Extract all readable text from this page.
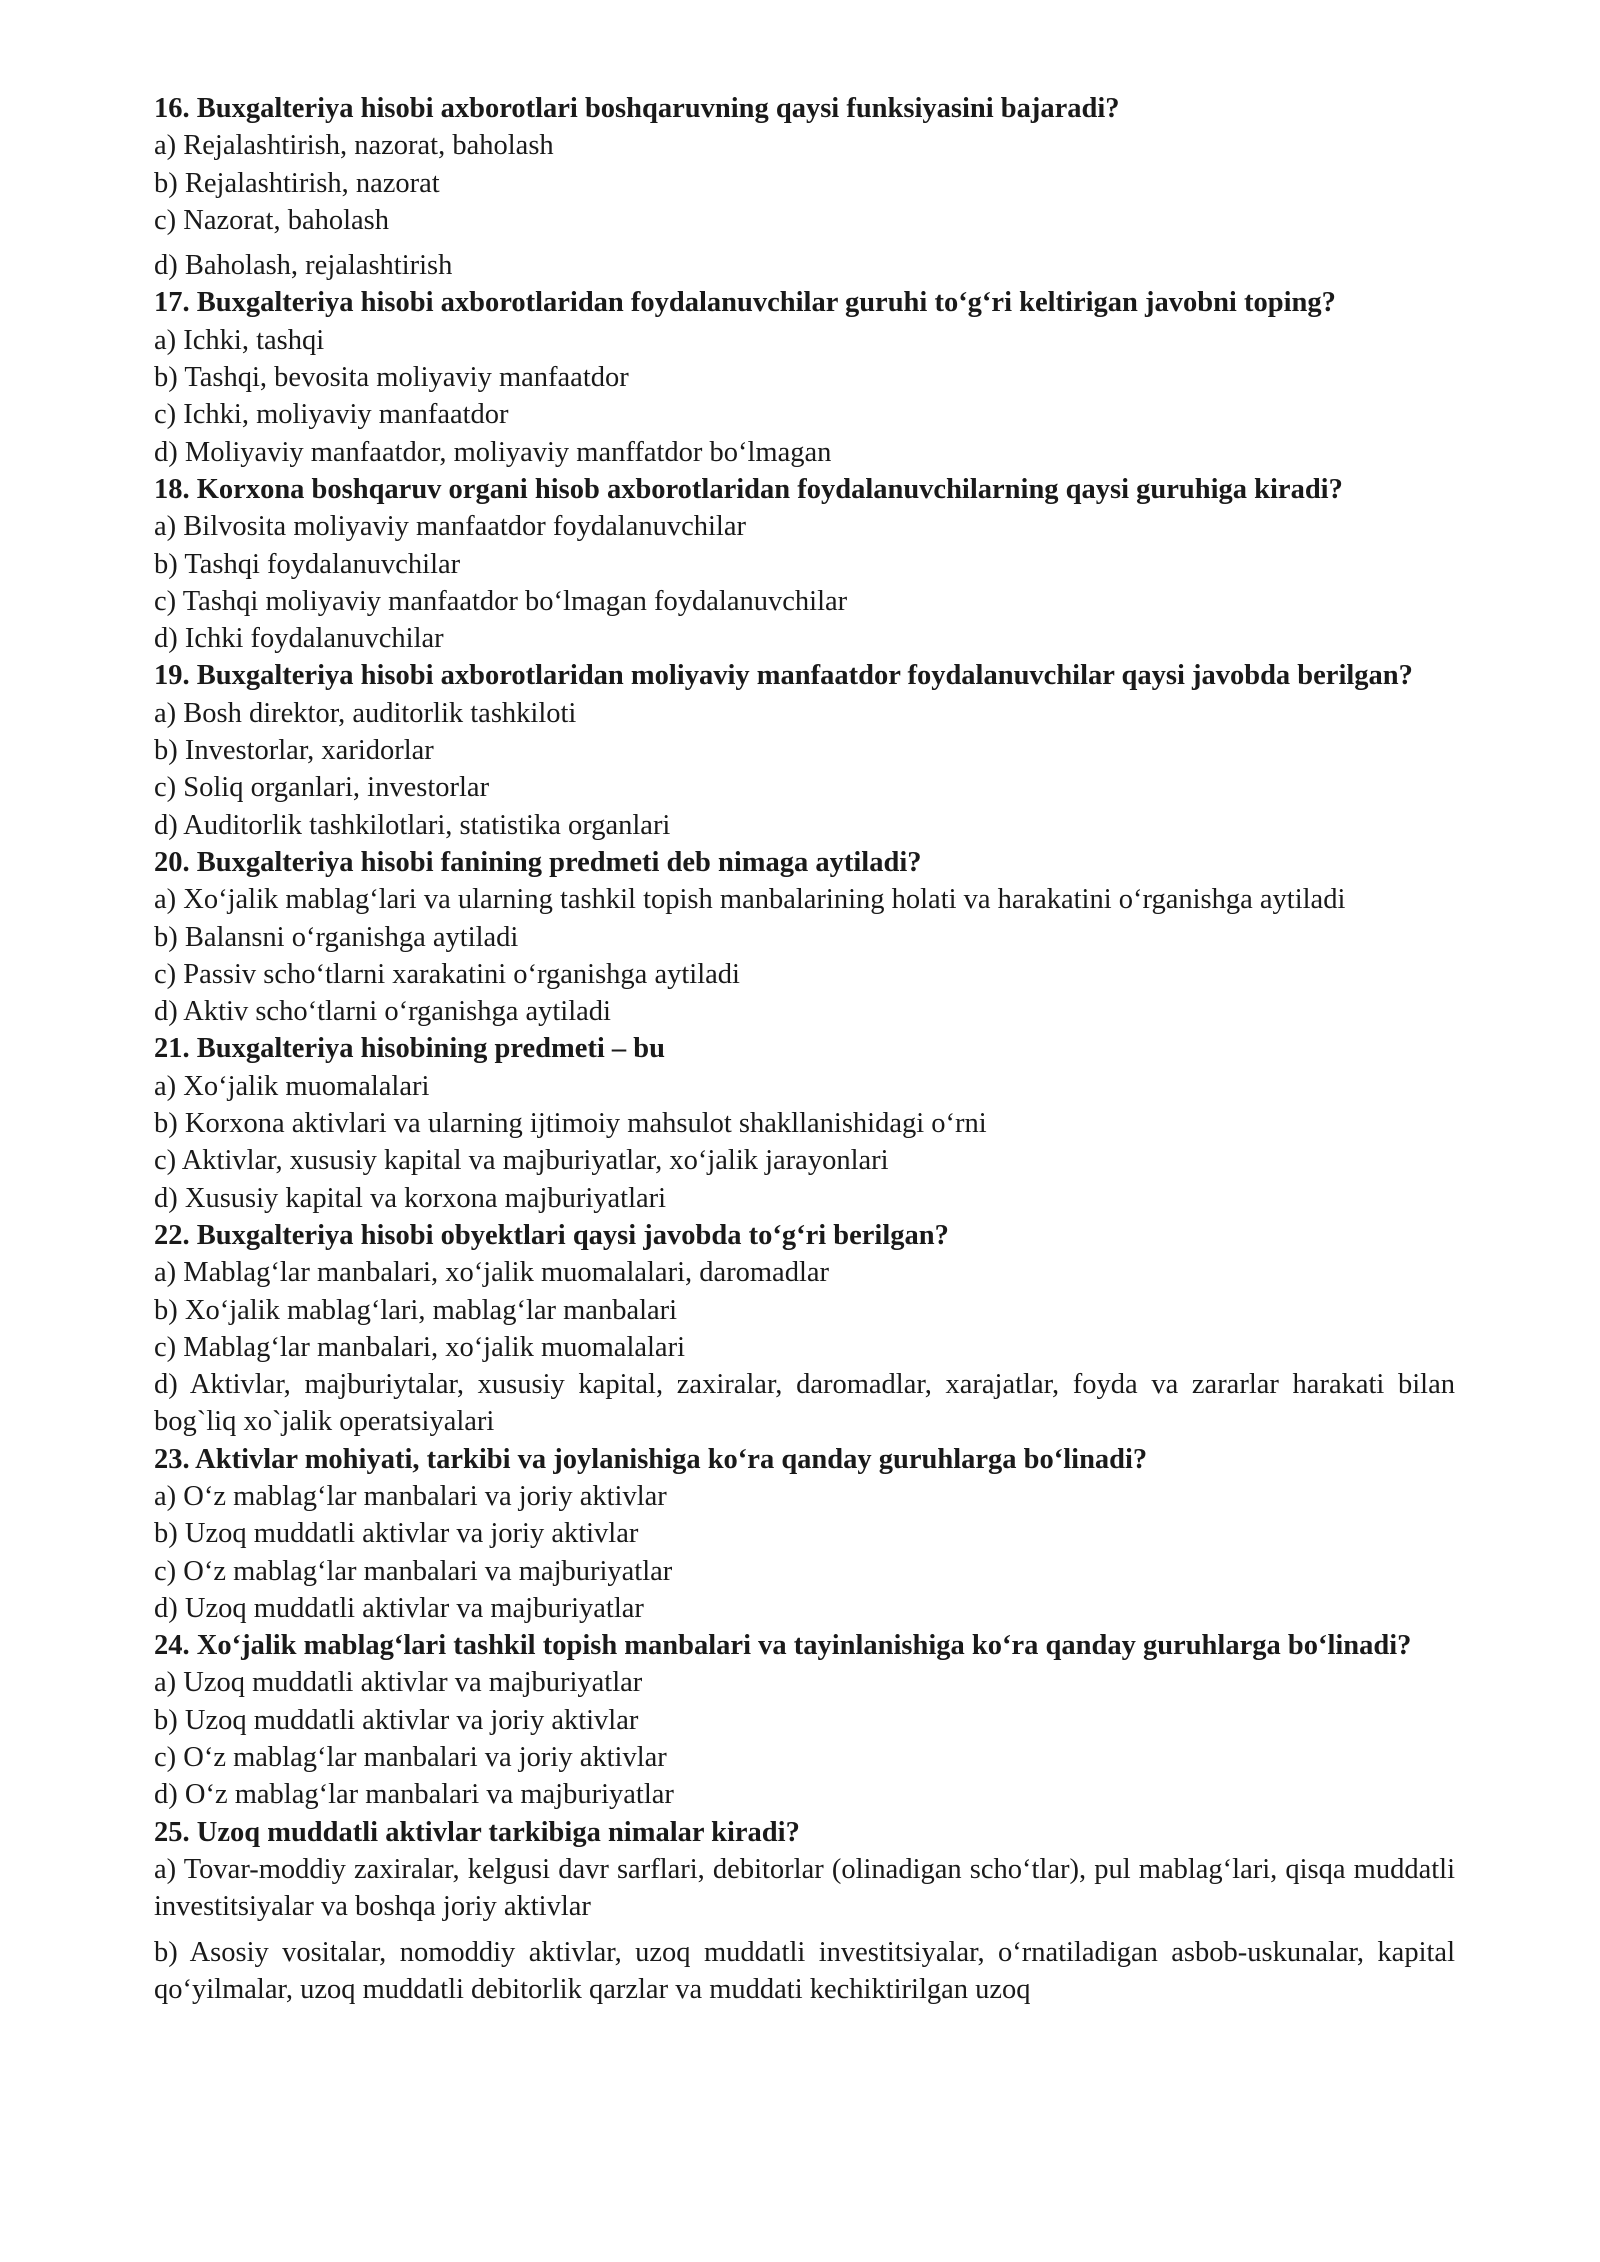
16. Buxgalteriya hisobi axborotlari boshqaruvning qaysi funksiyasini bajaradi?
a) Rejalashtirish, nazorat, baholash
b) Rejalashtirish, nazorat
c) Nazorat, baholash
d) Baholash, rejalashtirish
17. Buxgalteriya hisobi axborotlaridan foydalanuvchilar guruhi to‘g‘ri keltirigan javobni toping?
a) Ichki, tashqi
b) Tashqi, bevosita moliyaviy manfaatdor
c) Ichki, moliyaviy manfaatdor
d) Moliyaviy manfaatdor, moliyaviy manffatdor bo‘lmagan
18. Korxona boshqaruv organi hisob axborotlaridan foydalanuvchilarning qaysi guruhiga kiradi?
a) Bilvosita moliyaviy manfaatdor foydalanuvchilar
b) Tashqi foydalanuvchilar
c) Tashqi moliyaviy manfaatdor bo‘lmagan foydalanuvchilar
d) Ichki foydalanuvchilar
19. Buxgalteriya hisobi axborotlaridan moliyaviy manfaatdor foydalanuvchilar qaysi javobda berilgan?
a) Bosh direktor, auditorlik tashkiloti
b) Investorlar, xaridorlar
c) Soliq organlari, investorlar
d) Auditorlik tashkilotlari, statistika organlari
20. Buxgalteriya hisobi fanining predmeti deb nimaga aytiladi?
a) Xo‘jalik mablag‘lari va ularning tashkil topish manbalarining holati va harakatini o‘rganishga aytiladi
b) Balansni o‘rganishga aytiladi
c) Passiv scho‘tlarni xarakatini o‘rganishga aytiladi
d) Aktiv scho‘tlarni o‘rganishga aytiladi
21. Buxgalteriya hisobining predmeti – bu
a) Xo‘jalik muomalalari
b) Korxona aktivlari va ularning ijtimoiy mahsulot shakllanishidagi o‘rni
c) Aktivlar, xususiy kapital va majburiyatlar, xo‘jalik jarayonlari
d) Xususiy kapital va korxona majburiyatlari
22. Buxgalteriya hisobi obyektlari qaysi javobda to‘g‘ri berilgan?
a) Mablag‘lar manbalari, xo‘jalik muomalalari, daromadlar
b) Xo‘jalik mablag‘lari, mablag‘lar manbalari
c) Mablag‘lar manbalari, xo‘jalik muomalalari
d) Aktivlar, majburiytalar, xususiy kapital, zaxiralar, daromadlar, xarajatlar, foyda va zararlar harakati bilan bog`liq xo`jalik operatsiyalari
23. Aktivlar mohiyati, tarkibi va joylanishiga ko‘ra qanday guruhlarga bo‘linadi?
a) O‘z mablag‘lar manbalari va joriy aktivlar
b) Uzoq muddatli aktivlar va joriy aktivlar
c) O‘z mablag‘lar manbalari va majburiyatlar
d) Uzoq muddatli aktivlar va majburiyatlar
24. Xo‘jalik mablag‘lari tashkil topish manbalari va tayinlanishiga ko‘ra qanday guruhlarga bo‘linadi?
a) Uzoq muddatli aktivlar va majburiyatlar
b) Uzoq muddatli aktivlar va joriy aktivlar
c) O‘z mablag‘lar manbalari va joriy aktivlar
d) O‘z mablag‘lar manbalari va majburiyatlar
25. Uzoq muddatli aktivlar tarkibiga nimalar kiradi?
a) Tovar-moddiy zaxiralar, kelgusi davr sarflari, debitorlar (olinadigan scho‘tlar), pul mablag‘lari, qisqa muddatli investitsiyalar va boshqa joriy aktivlar
b) Asosiy vositalar, nomoddiy aktivlar, uzoq muddatli investitsiyalar, o‘rnatiladigan asbob-uskunalar, kapital qo‘yilmalar, uzoq muddatli debitorlik qarzlar va muddati kechiktirilgan uzoq
